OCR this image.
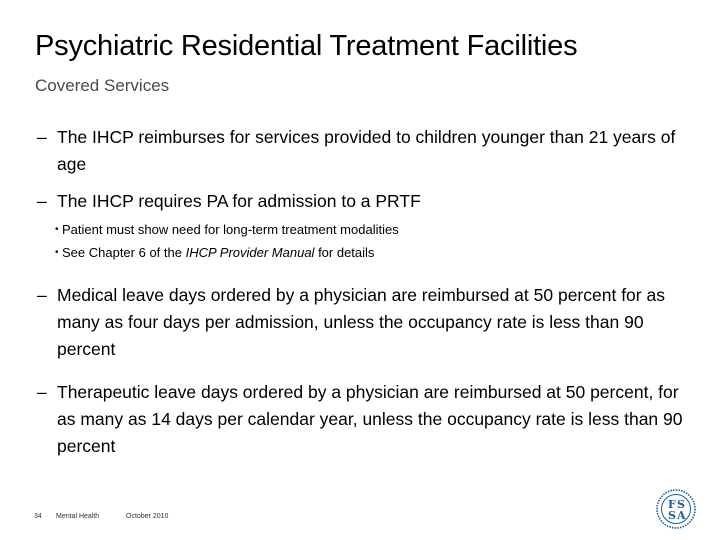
Psychiatric Residential Treatment Facilities
Covered Services
– The IHCP reimburses for services provided to children younger than 21 years of age
– The IHCP requires PA for admission to a PRTF
• Patient must show need for long-term treatment modalities
• See Chapter 6 of the IHCP Provider Manual for details
– Medical leave days ordered by a physician are reimbursed at 50 percent for as many as four days per admission, unless the occupancy rate is less than 90 percent
– Therapeutic leave days ordered by a physician are reimbursed at 50 percent, for as many as 14 days per calendar year, unless the occupancy rate is less than 90 percent
34 Mental Health	October 2010
F S
S A
